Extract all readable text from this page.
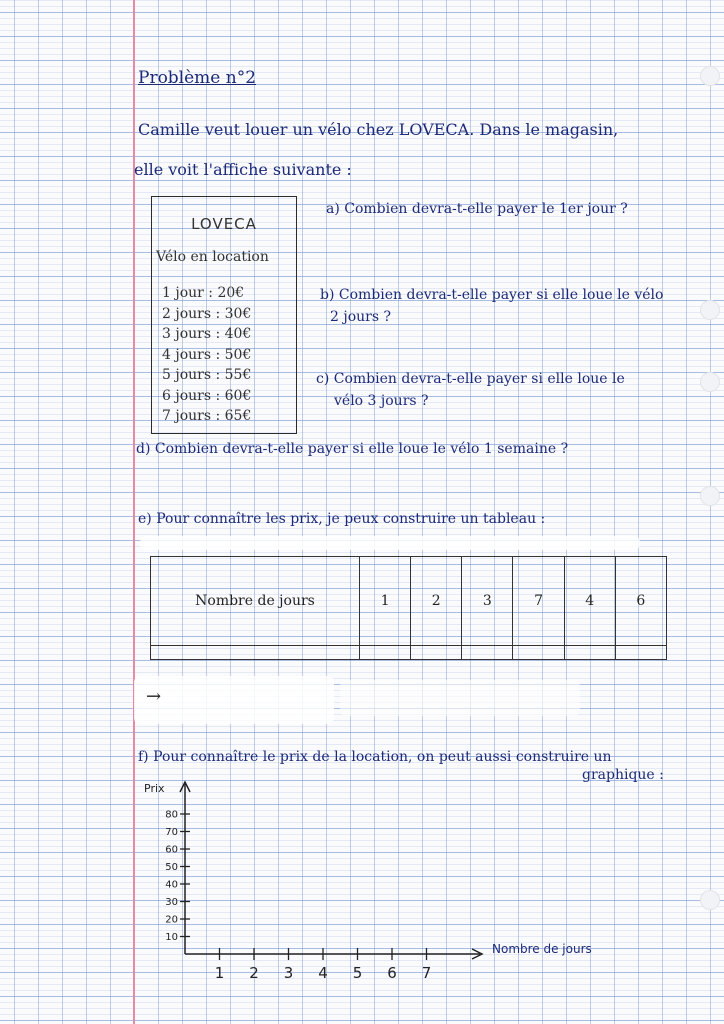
Problème n°2
Camille veut louer un vélo chez LOVECA. Dans le magasin,
elle voit l'affiche suivante :
LOVECA
Vélo en location
1 jour : 20€
2 jours : 30€
3 jours : 40€
4 jours : 50€
5 jours : 55€
6 jours : 60€
7 jours : 65€
a) Combien devra-t-elle payer le 1er jour ?
b) Combien devra-t-elle payer si elle loue le vélo
2 jours ?
c) Combien devra-t-elle payer si elle loue le
vélo 3 jours ?
d) Combien devra-t-elle payer si elle loue le vélo 1 semaine ?
e) Pour connaître les prix, je peux construire un tableau :
Nombre de jours	1	2	3	7	4	6

→
f) Pour connaître le prix de la location, on peut aussi construire un
graphique :
Prix
Nombre de jours
10
20
30
40
50
60
70
80
1 2 3 4 5 6 7
